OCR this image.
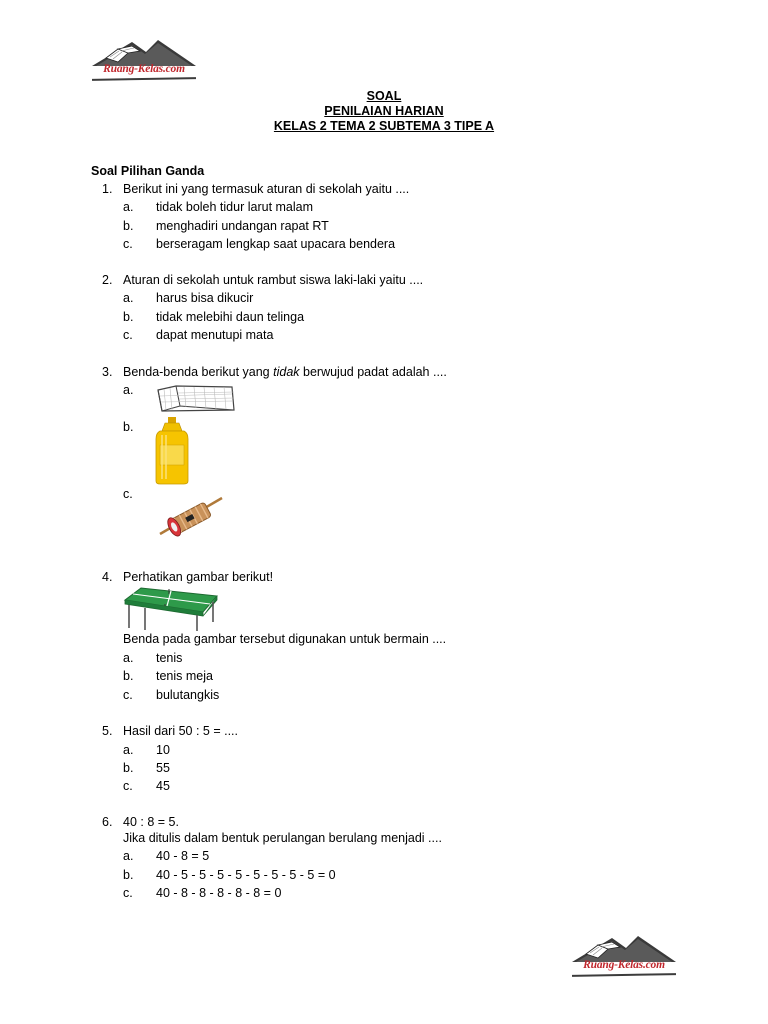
Ruang-Kelas.com
SOAL
PENILAIAN HARIAN
KELAS 2 TEMA 2 SUBTEMA 3 TIPE A
Soal Pilihan Ganda
1. Berikut ini yang termasuk aturan di sekolah yaitu ....
a. tidak boleh tidur larut malam
b. menghadiri undangan rapat RT
c. berseragam lengkap saat upacara bendera
2. Aturan di sekolah untuk rambut siswa laki-laki yaitu ....
a. harus bisa dikucir
b. tidak melebihi daun telinga
c. dapat menutupi mata
3. Benda-benda berikut yang tidak berwujud padat adalah ....
a.
b.
c.
4. Perhatikan gambar berikut!
Benda pada gambar tersebut digunakan untuk bermain ....
a. tenis
b. tenis meja
c. bulutangkis
5. Hasil dari 50 : 5 = ....
a. 10
b. 55
c. 45
6. 40 : 8 = 5.
Jika ditulis dalam bentuk perulangan berulang menjadi ....
a. 40 - 8 = 5
b. 40 - 5 - 5 - 5 - 5 - 5 - 5 - 5 - 5 = 0
c. 40 - 8 - 8 - 8 - 8 - 8 = 0
Ruang-Kelas.com
